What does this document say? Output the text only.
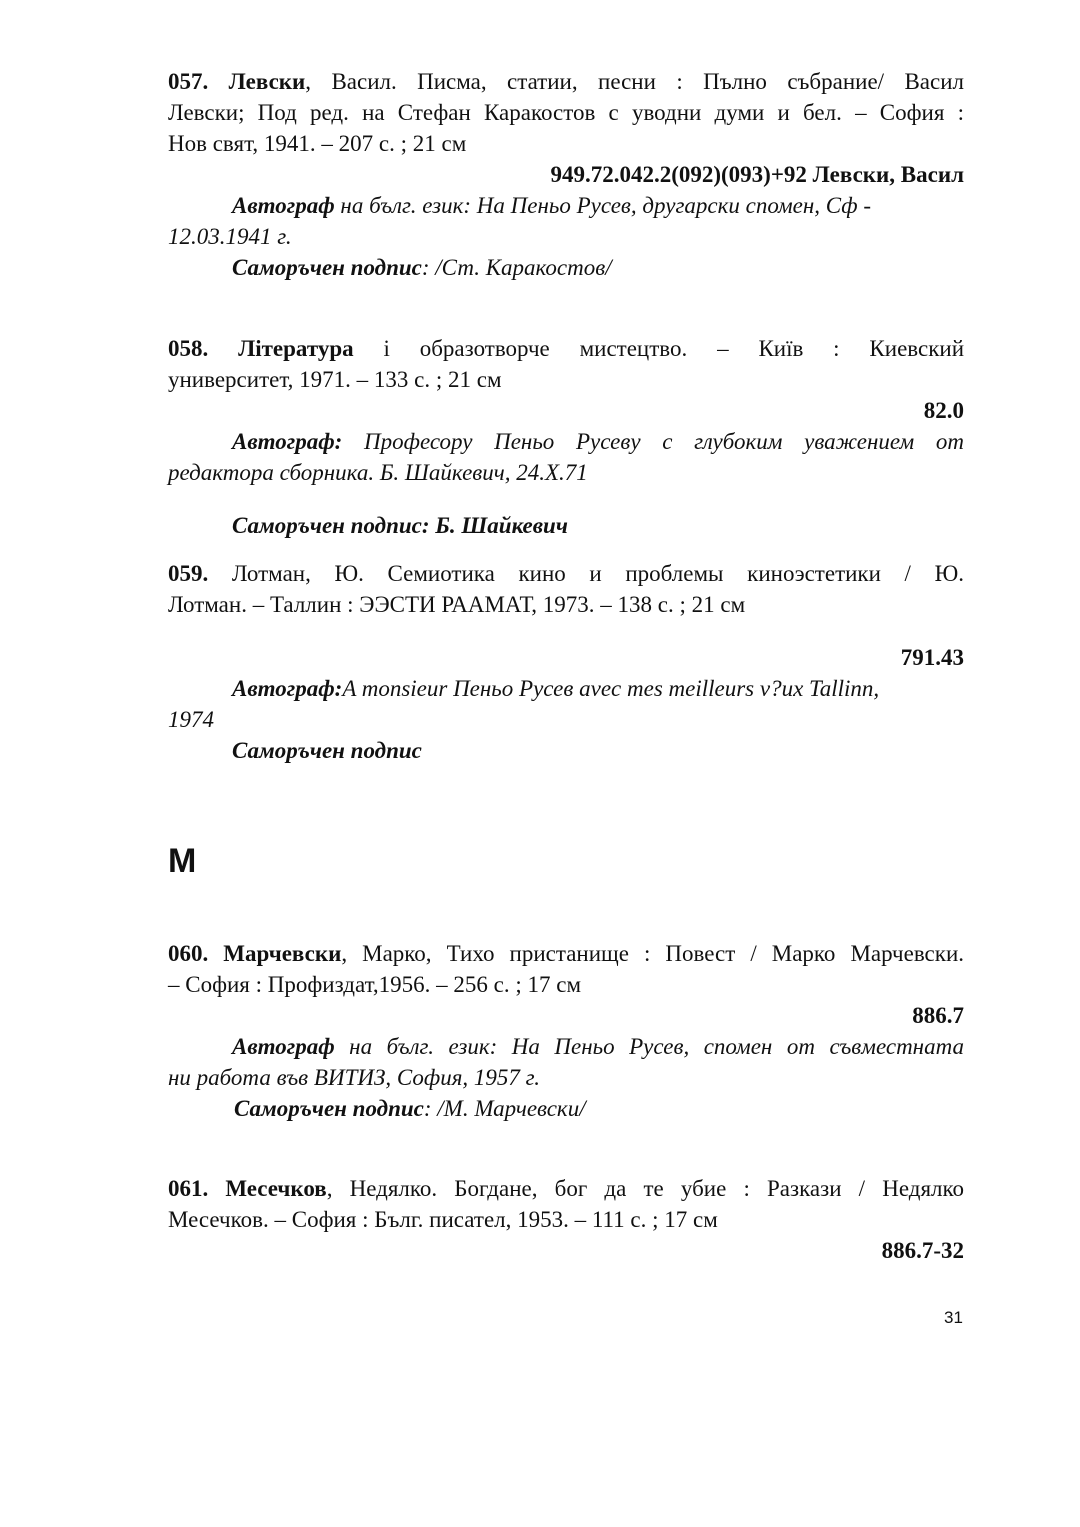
057. Левски, Васил. Писма, статии, песни : Пълно събрание/ Васил
Левски; Под ред. на Стефан Каракостов с уводни думи и бел. – София :
Нов свят, 1941. – 207 с. ; 21 см
949.72.042.2(092)(093)+92 Левски, Васил
Автограф на бълг. език: На Пеньо Русев, другарски спомен, Сф -
12.03.1941 г.
Саморъчен подпис: /Ст. Каракостов/
058. Література і образотворче мистецтво. – Київ : Киевский
университет, 1971. – 133 с. ; 21 см
82.0
Автограф: Професору Пеньо Русеву с глубоким уважением от
редактора сборника. Б. Шайкевич, 24.X.71
Саморъчен подпис: Б. Шайкевич
059. Лотман, Ю. Семиотика кино и проблемы киноэстетики / Ю.
Лотман. – Таллин : ЭЭСТИ РААМАТ, 1973. – 138 с. ; 21 см
791.43
Автограф:A monsieur Пеньо Русев avec mes meilleurs v?ux Tallinn,
1974
Саморъчен подпис
М
060. Марчевски, Марко, Тихо пристанище : Повест / Марко Марчевски.
– София : Профиздат,1956. – 256 с. ; 17 см
886.7
Автограф на бълг. език: На Пеньо Русев, спомен от съвместната
ни работа във ВИТИЗ, София, 1957 г.
Саморъчен подпис: /М. Марчевски/
061. Месечков, Недялко. Богдане, бог да те убие : Разкази / Недялко
Месечков. – София : Бълг. писател, 1953. – 111 с. ; 17 см
886.7-32
31
